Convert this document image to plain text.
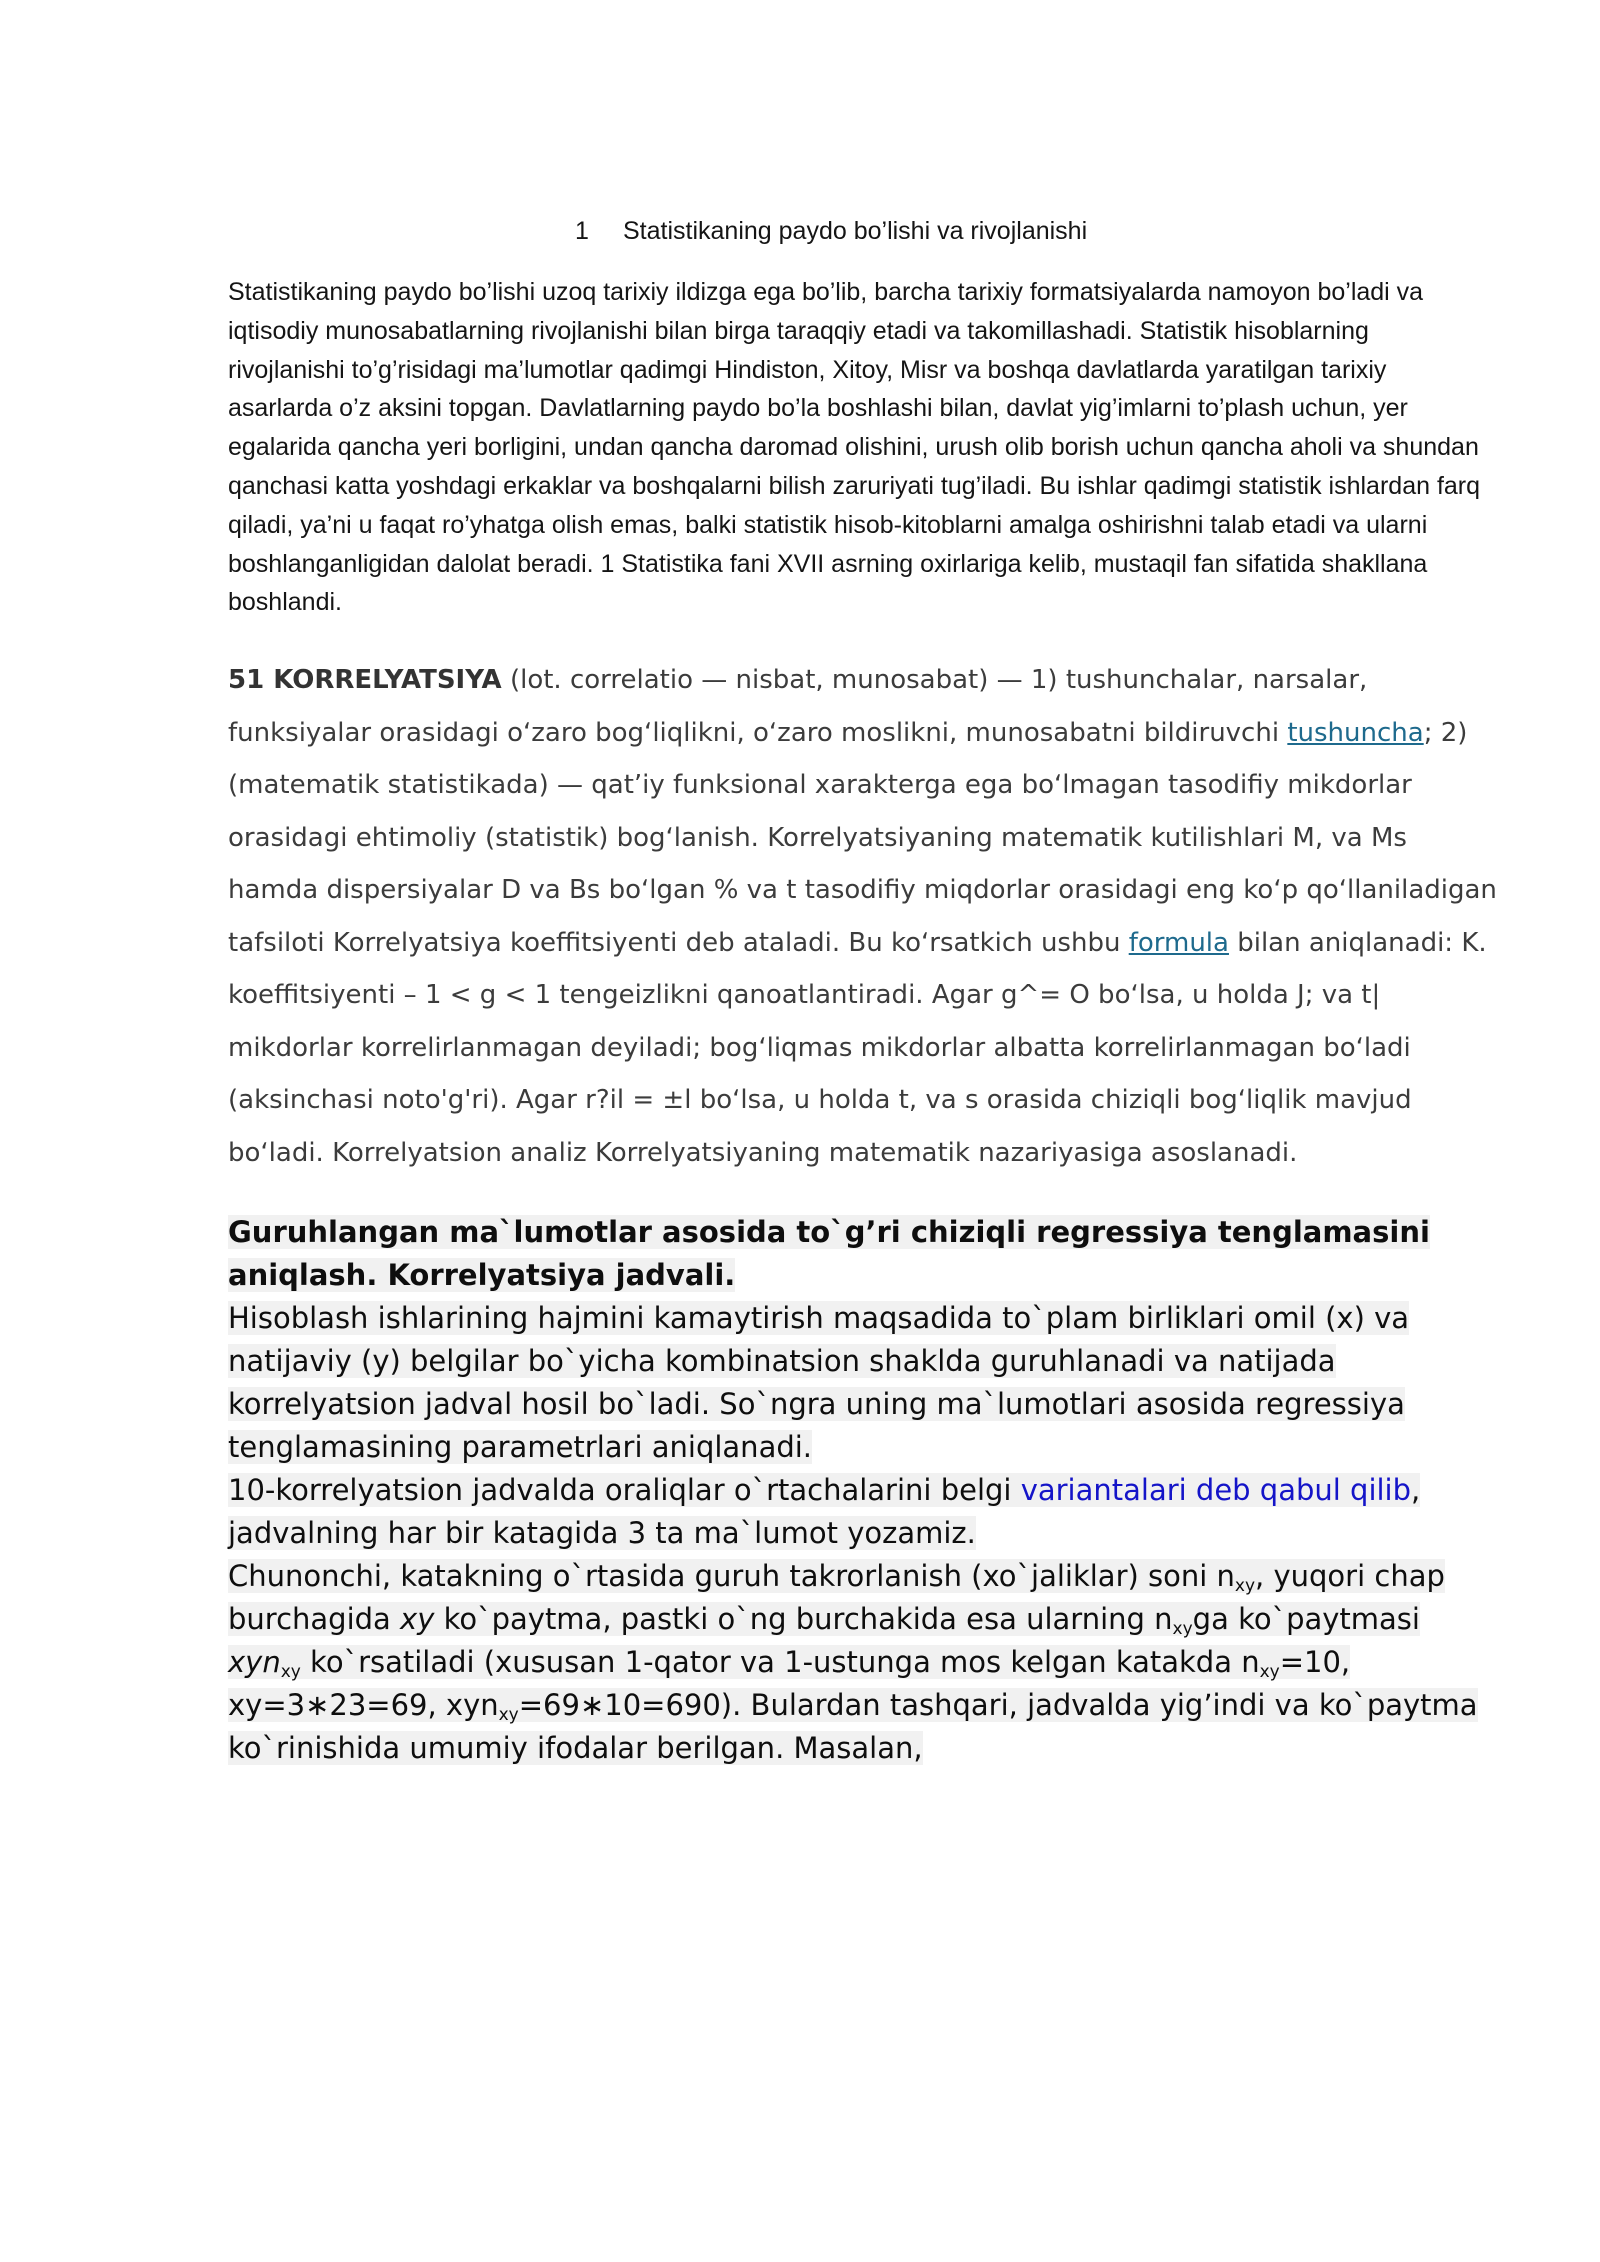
1 Statistikaning paydo bo’lishi va rivojlanishi

Statistikaning paydo bo’lishi uzoq tarixiy ildizga ega bo’lib, barcha tarixiy formatsiyalarda namoyon bo’ladi va iqtisodiy munosabatlarning rivojlanishi bilan birga taraqqiy etadi va takomillashadi. Statistik hisoblarning rivojlanishi to’g’risidagi ma’lumotlar qadimgi Hindiston, Xitoy, Misr va boshqa davlatlarda yaratilgan tarixiy asarlarda o’z aksini topgan. Davlatlarning paydo bo’la boshlashi bilan, davlat yig’imlarni to’plash uchun, yer egalarida qancha yeri borligini, undan qancha daromad olishini, urush olib borish uchun qancha aholi va shundan qanchasi katta yoshdagi erkaklar va boshqalarni bilish zaruriyati tug’iladi. Bu ishlar qadimgi statistik ishlardan farq qiladi, ya’ni u faqat ro’yhatga olish emas, balki statistik hisob-kitoblarni amalga oshirishni talab etadi va ularni boshlanganligidan dalolat beradi. 1 Statistika fani XVII asrning oxirlariga kelib, mustaqil fan sifatida shakllana boshlandi.

51 KORRELYATSIYA (lot. correlatio — nisbat, munosabat) — 1) tushunchalar, narsalar, funksiyalar orasidagi oʻzaro bogʻliqlikni, oʻzaro moslikni, munosabatni bildiruvchi tushuncha; 2) (matematik statistikada) — qatʼiy funksional xarakterga ega boʻlmagan tasodifiy mikdorlar orasidagi ehtimoliy (statistik) bogʻlanish. Korrelyatsiyaning matematik kutilishlari M, va Ms hamda dispersiyalar D va Bs boʻlgan % va t tasodifiy miqdorlar orasidagi eng koʻp qoʻllaniladigan tafsiloti Korrelyatsiya koeffitsiyenti deb ataladi. Bu koʻrsatkich ushbu formula bilan aniqlanadi: K. koeffitsiyenti – 1 < g < 1 tengeizlikni qanoatlantiradi. Agar g^= O boʻlsa, u holda J; va t| mikdorlar korrelirlanmagan deyiladi; bogʻliqmas mikdorlar albatta korrelirlanmagan boʻladi (aksinchasi noto'g'ri). Agar r?il = ±l boʻlsa, u holda t, va s orasida chiziqli bogʻliqlik mavjud boʻladi. Korrelyatsion analiz Korrelyatsiyaning matematik nazariyasiga asoslanadi.

Guruhlangan ma`lumotlar asosida to`g’ri chiziqli regressiya tenglamasini aniqlash. Korrelyatsiya jadvali.

Hisoblash ishlarining hajmini kamaytirish maqsadida to`plam birliklari omil (x) va natijaviy (y) belgilar bo`yicha kombinatsion shaklda guruhlanadi va natijada korrelyatsion jadval hosil bo`ladi. So`ngra uning ma`lumotlari asosida regressiya tenglamasining parametrlari aniqlanadi.

10-korrelyatsion jadvalda oraliqlar o`rtachalarini belgi variantalari deb qabul qilib, jadvalning har bir katagida 3 ta ma`lumot yozamiz.

Chunonchi, katakning o`rtasida guruh takrorlanish (xo`jaliklar) soni $n_{xy}$, yuqori chap burchagida xy ko`paytma, pastki o`ng burchakida esa ularning $n_{xy}ga$ ko`paytmasi xyn$_{xy}$ ko`rsatiladi (xususan 1-qator va 1-ustunga mos kelgan katakda $n_{xy}=10$, xy=3∗23=69, xyn$_{xy}$=69∗10=690). Bulardan tashqari, jadvalda yig’indi va ko`paytma ko`rinishida umumiy ifodalar berilgan. Masalan,
